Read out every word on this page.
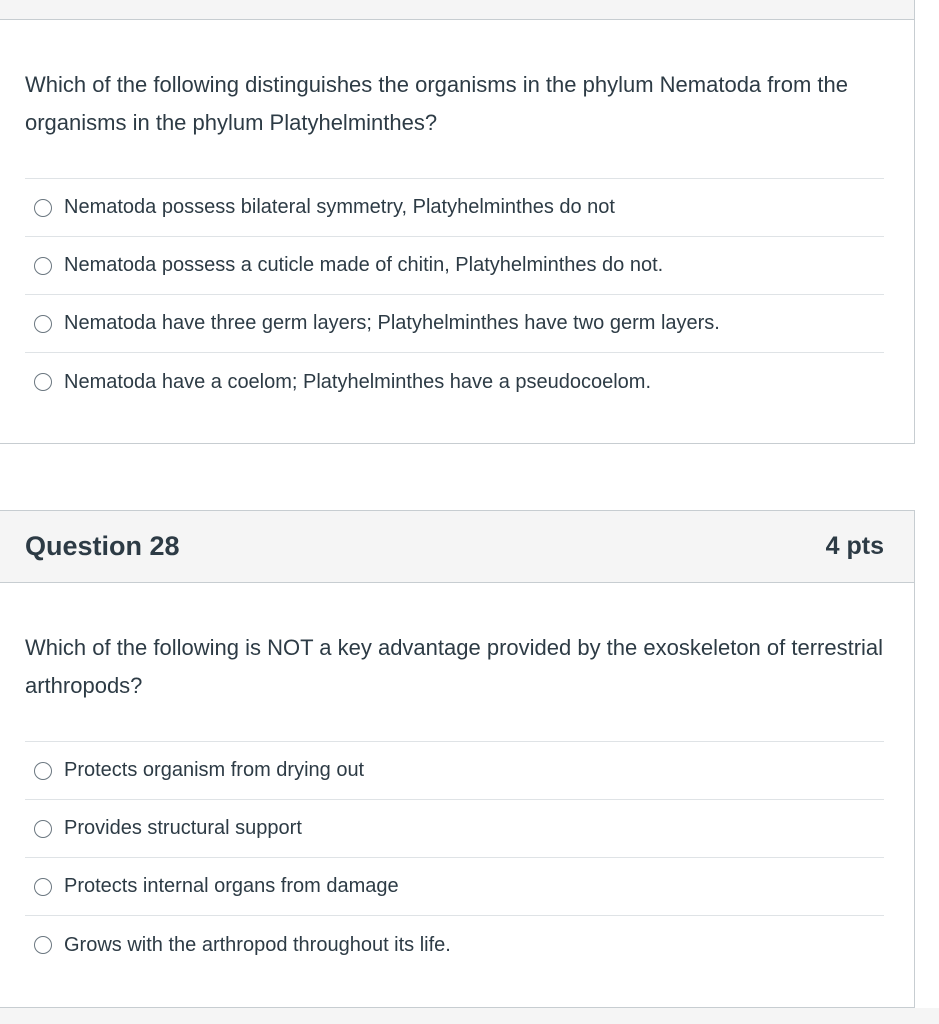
Which of the following distinguishes the organisms in the phylum Nematoda from the organisms in the phylum Platyhelminthes?
Nematoda possess bilateral symmetry, Platyhelminthes do not
Nematoda possess a cuticle made of chitin, Platyhelminthes do not.
Nematoda have three germ layers; Platyhelminthes have two germ layers.
Nematoda have a coelom; Platyhelminthes have a pseudocoelom.
Question 28	4 pts
Which of the following is NOT a key advantage provided by the exoskeleton of terrestrial arthropods?
Protects organism from drying out
Provides structural support
Protects internal organs from damage
Grows with the arthropod throughout its life.
